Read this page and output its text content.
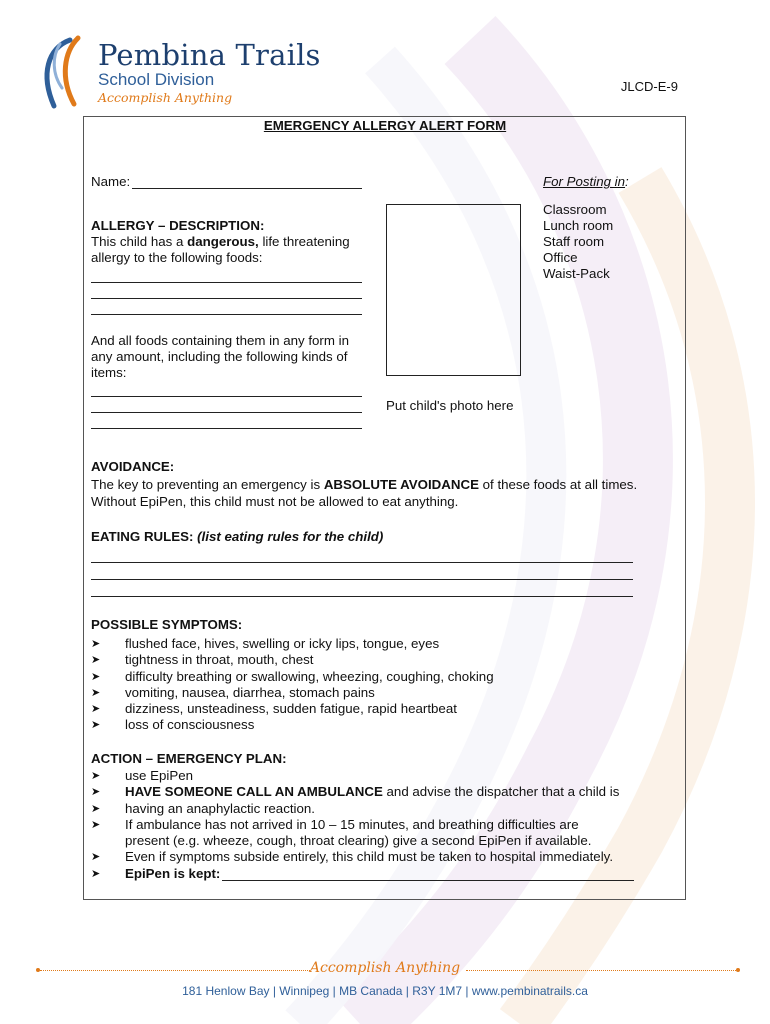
Pembina Trails
School Division
Accomplish Anything
JLCD-E-9
EMERGENCY ALLERGY ALERT FORM
Name:	For Posting in:
Classroom
Lunch room
Staff room
Office
Waist-Pack
Put child's photo here
ALLERGY – DESCRIPTION:
This child has a dangerous, life threatening
allergy to the following foods:
And all foods containing them in any form in
any amount, including the following kinds of
items:
AVOIDANCE:
The key to preventing an emergency is ABSOLUTE AVOIDANCE of these foods at all times.
Without EpiPen, this child must not be allowed to eat anything.
EATING RULES: (list eating rules for the child)
POSSIBLE SYMPTOMS:
➤ flushed face, hives, swelling or icky lips, tongue, eyes
➤ tightness in throat, mouth, chest
➤ difficulty breathing or swallowing, wheezing, coughing, choking
➤ vomiting, nausea, diarrhea, stomach pains
➤ dizziness, unsteadiness, sudden fatigue, rapid heartbeat
➤ loss of consciousness
ACTION – EMERGENCY PLAN:
➤ use EpiPen
➤ HAVE SOMEONE CALL AN AMBULANCE and advise the dispatcher that a child is
➤ having an anaphylactic reaction.
➤ If ambulance has not arrived in 10 – 15 minutes, and breathing difficulties are
present (e.g. wheeze, cough, throat clearing) give a second EpiPen if available.
➤ Even if symptoms subside entirely, this child must be taken to hospital immediately.
➤ EpiPen is kept:
Accomplish Anything
181 Henlow Bay | Winnipeg | MB Canada | R3Y 1M7 | www.pembinatrails.ca
